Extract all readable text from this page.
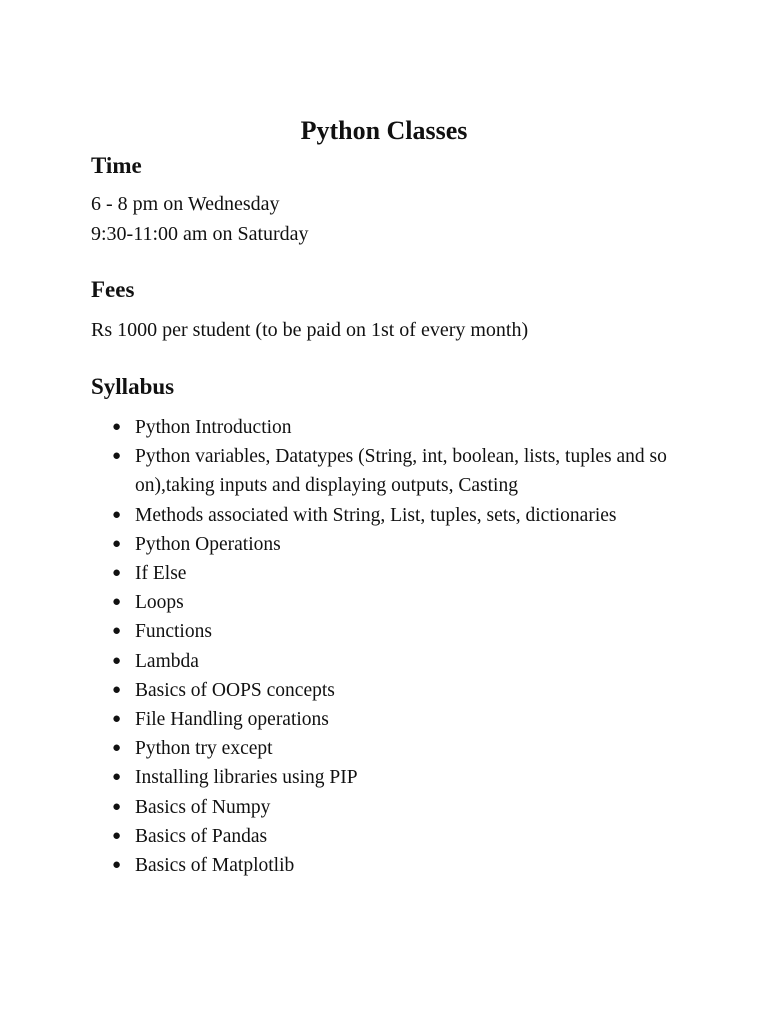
Python Classes
Time

6 - 8 pm on Wednesday

9:30-11:00 am on Saturday

Fees

Rs 1000 per student (to be paid on 1st of every month)

Syllabus
● Python Introduction
● Python variables, Datatypes (String, int, boolean, lists, tuples and so on),taking inputs and displaying outputs, Casting
● Methods associated with String, List, tuples, sets, dictionaries
● Python Operations
● If Else
● Loops
● Functions
● Lambda
● Basics of OOPS concepts
● File Handling operations
● Python try except
● Installing libraries using PIP
● Basics of Numpy
● Basics of Pandas
● Basics of Matplotlib
